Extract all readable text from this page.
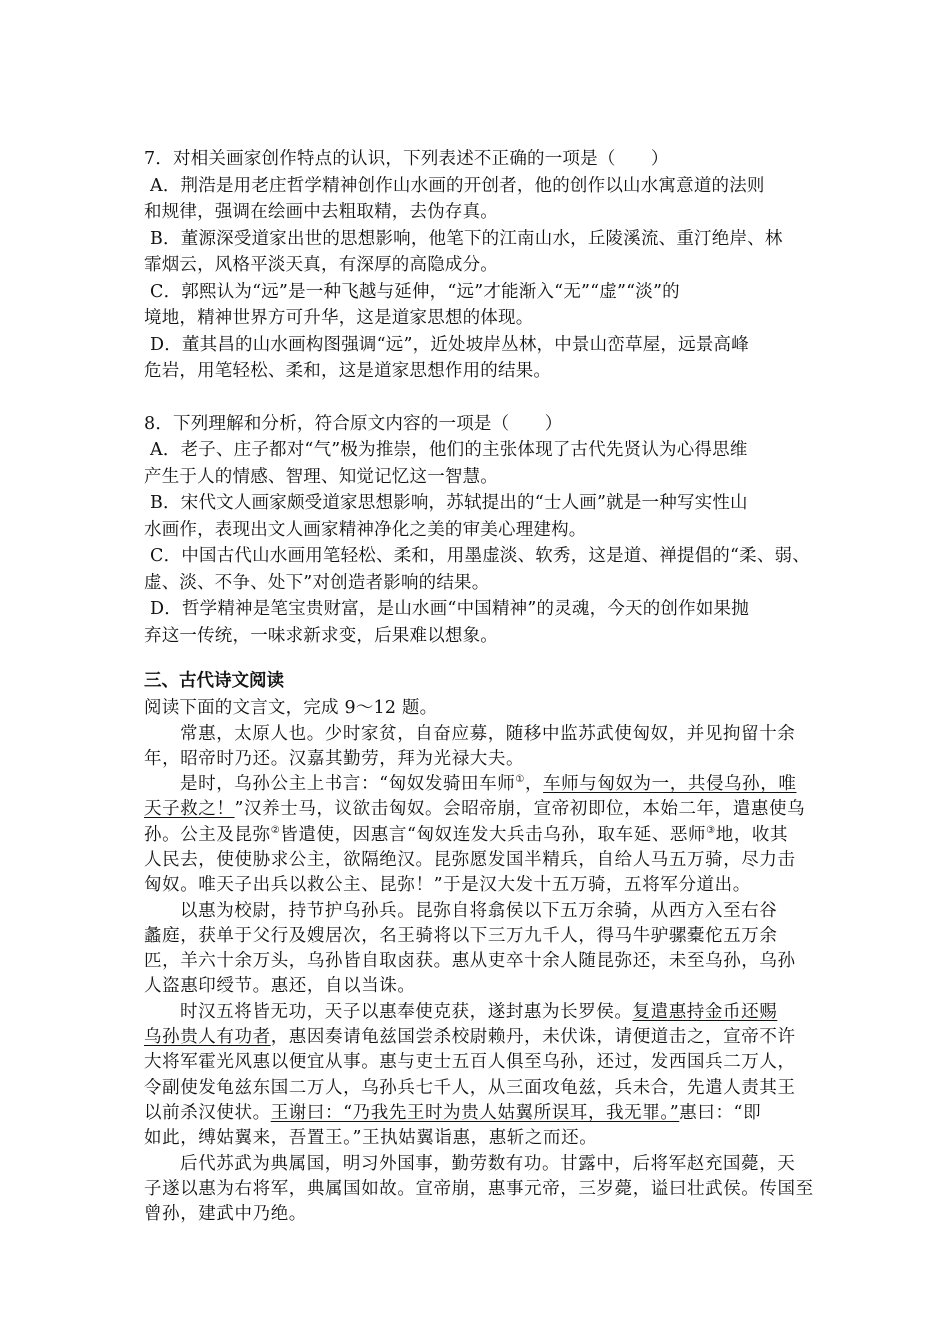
7．对相关画家创作特点的认识，下列表述不正确的一项是（　　）
A．荆浩是用老庄哲学精神创作山水画的开创者，他的创作以山水寓意道的法则
和规律，强调在绘画中去粗取精，去伪存真。
B．董源深受道家出世的思想影响，他笔下的江南山水，丘陵溪流、重汀绝岸、林
霏烟云，风格平淡天真，有深厚的高隐成分。
C．郭熙认为“远”是一种飞越与延伸，“远”才能渐入“无”“虚”“淡”的
境地，精神世界方可升华，这是道家思想的体现。
D．董其昌的山水画构图强调“远”，近处坡岸丛林，中景山峦草屋，远景高峰
危岩，用笔轻松、柔和，这是道家思想作用的结果。
8．下列理解和分析，符合原文内容的一项是（　　）
A．老子、庄子都对“气”极为推崇，他们的主张体现了古代先贤认为心得思维
产生于人的情感、智理、知觉记忆这一智慧。
B．宋代文人画家颇受道家思想影响，苏轼提出的“士人画”就是一种写实性山
水画作，表现出文人画家精神净化之美的审美心理建构。
C．中国古代山水画用笔轻松、柔和，用墨虚淡、软秀，这是道、禅提倡的“柔、弱、
虚、淡、不争、处下”对创造者影响的结果。
D．哲学精神是笔宝贵财富，是山水画“中国精神”的灵魂，今天的创作如果抛
弃这一传统，一味求新求变，后果难以想象。
三、古代诗文阅读
阅读下面的文言文，完成 9～12 题。
常惠，太原人也。少时家贫，自奋应募，随移中监苏武使匈奴，并见拘留十余
年，昭帝时乃还。汉嘉其勤劳，拜为光禄大夫。
是时，乌孙公主上书言：“匈奴发骑田车师①，车师与匈奴为一，共侵乌孙，唯
天子救之！”汉养士马，议欲击匈奴。会昭帝崩，宣帝初即位，本始二年，遣惠使乌
孙。公主及昆弥②皆遣使，因惠言“匈奴连发大兵击乌孙，取车延、恶师③地，收其
人民去，使使胁求公主，欲隔绝汉。昆弥愿发国半精兵，自给人马五万骑，尽力击
匈奴。唯天子出兵以救公主、昆弥！”于是汉大发十五万骑，五将军分道出。
以惠为校尉，持节护乌孙兵。昆弥自将翕侯以下五万余骑，从西方入至右谷
蠡庭，获单于父行及嫂居次，名王骑将以下三万九千人，得马牛驴骡橐佗五万余
匹，羊六十余万头，乌孙皆自取卤获。惠从吏卒十余人随昆弥还，未至乌孙，乌孙
人盗惠印绶节。惠还，自以当诛。
时汉五将皆无功，天子以惠奉使克获，遂封惠为长罗侯。复遣惠持金币还赐
乌孙贵人有功者，惠因奏请龟兹国尝杀校尉赖丹，未伏诛，请便道击之，宣帝不许
大将军霍光风惠以便宜从事。惠与吏士五百人俱至乌孙，还过，发西国兵二万人，
令副使发龟兹东国二万人，乌孙兵七千人，从三面攻龟兹，兵未合，先遣人责其王
以前杀汉使状。王谢曰：“乃我先王时为贵人姑翼所误耳，我无罪。”惠曰：“即
如此，缚姑翼来，吾置王。”王执姑翼诣惠，惠斩之而还。
后代苏武为典属国，明习外国事，勤劳数有功。甘露中，后将军赵充国薨，天
子遂以惠为右将军，典属国如故。宣帝崩，惠事元帝，三岁薨，谥曰壮武侯。传国至
曾孙，建武中乃绝。
